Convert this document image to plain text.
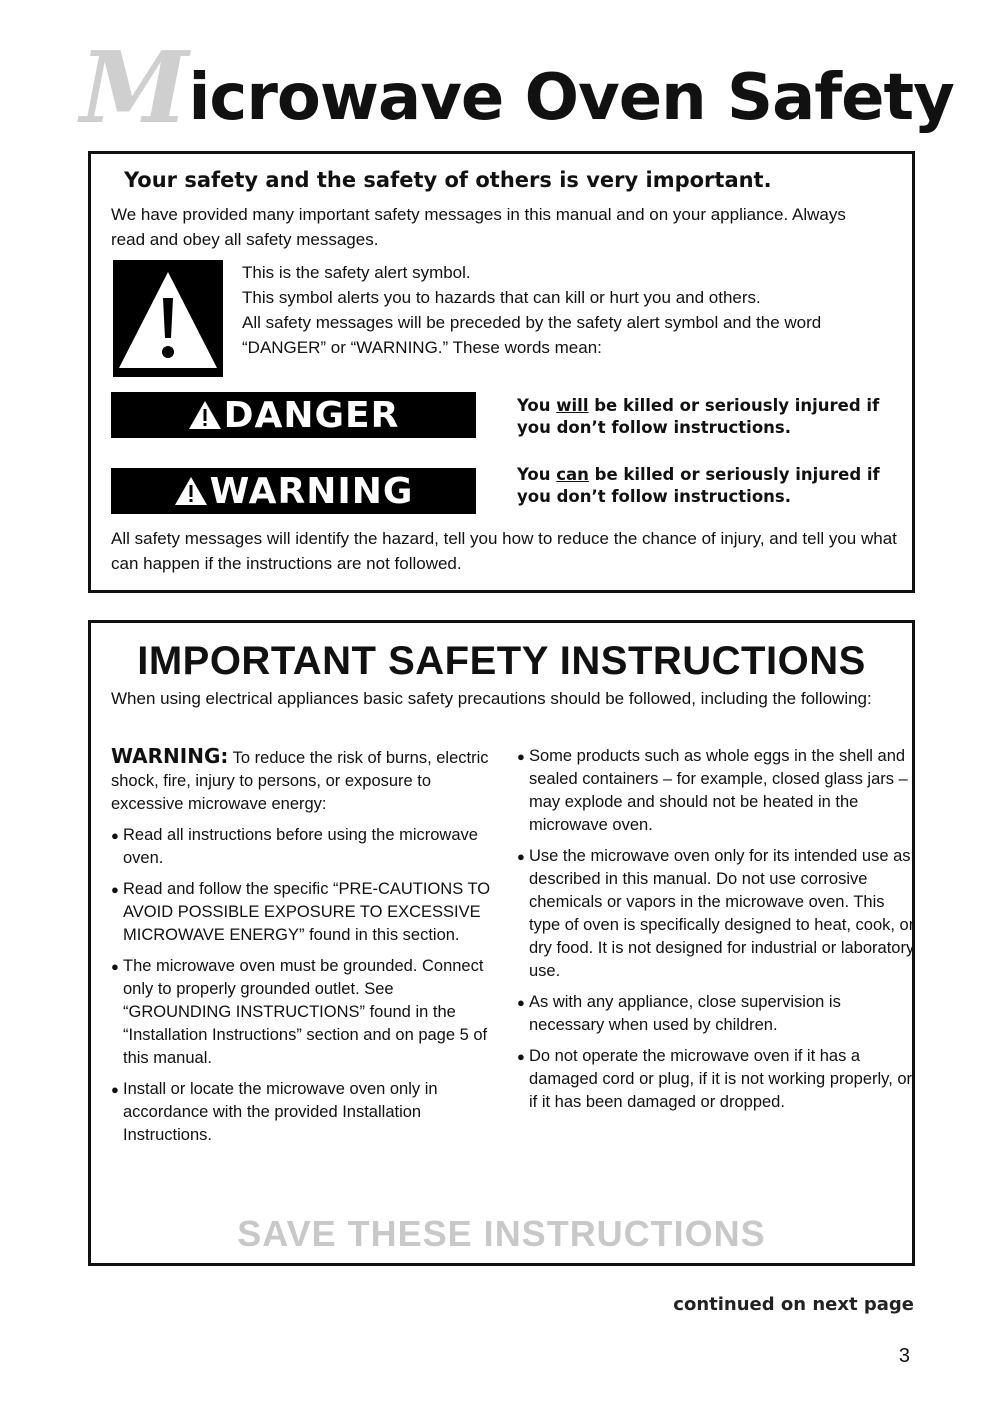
M icrowave Oven Safety
Your safety and the safety of others is very important.
We have provided many important safety messages in this manual and on your appliance. Always read and obey all safety messages.
This is the safety alert symbol.
This symbol alerts you to hazards that can kill or hurt you and others.
All safety messages will be preceded by the safety alert symbol and the word “DANGER” or “WARNING.” These words mean:
DANGER	You will be killed or seriously injured if you don’t follow instructions.
WARNING	You can be killed or seriously injured if you don’t follow instructions.
All safety messages will identify the hazard, tell you how to reduce the chance of injury, and tell you what can happen if the instructions are not followed.
IMPORTANT SAFETY INSTRUCTIONS
When using electrical appliances basic safety precautions should be followed, including the following:
WARNING: To reduce the risk of burns, electric shock, fire, injury to persons, or exposure to excessive microwave energy:
● Read all instructions before using the microwave oven.
● Read and follow the specific “PRE-CAUTIONS TO AVOID POSSIBLE EXPOSURE TO EXCESSIVE MICROWAVE ENERGY” found in this section.
● The microwave oven must be grounded. Connect only to properly grounded outlet. See “GROUNDING INSTRUCTIONS” found in the “Installation Instructions” section and on page 5 of this manual.
● Install or locate the microwave oven only in accordance with the provided Installation Instructions.
● Some products such as whole eggs in the shell and sealed containers – for example, closed glass jars – may explode and should not be heated in the microwave oven.
● Use the microwave oven only for its intended use as described in this manual. Do not use corrosive chemicals or vapors in the microwave oven. This type of oven is specifically designed to heat, cook, or dry food. It is not designed for industrial or laboratory use.
● As with any appliance, close supervision is necessary when used by children.
● Do not operate the microwave oven if it has a damaged cord or plug, if it is not working properly, or if it has been damaged or dropped.
SAVE THESE INSTRUCTIONS
continued on next page
3
